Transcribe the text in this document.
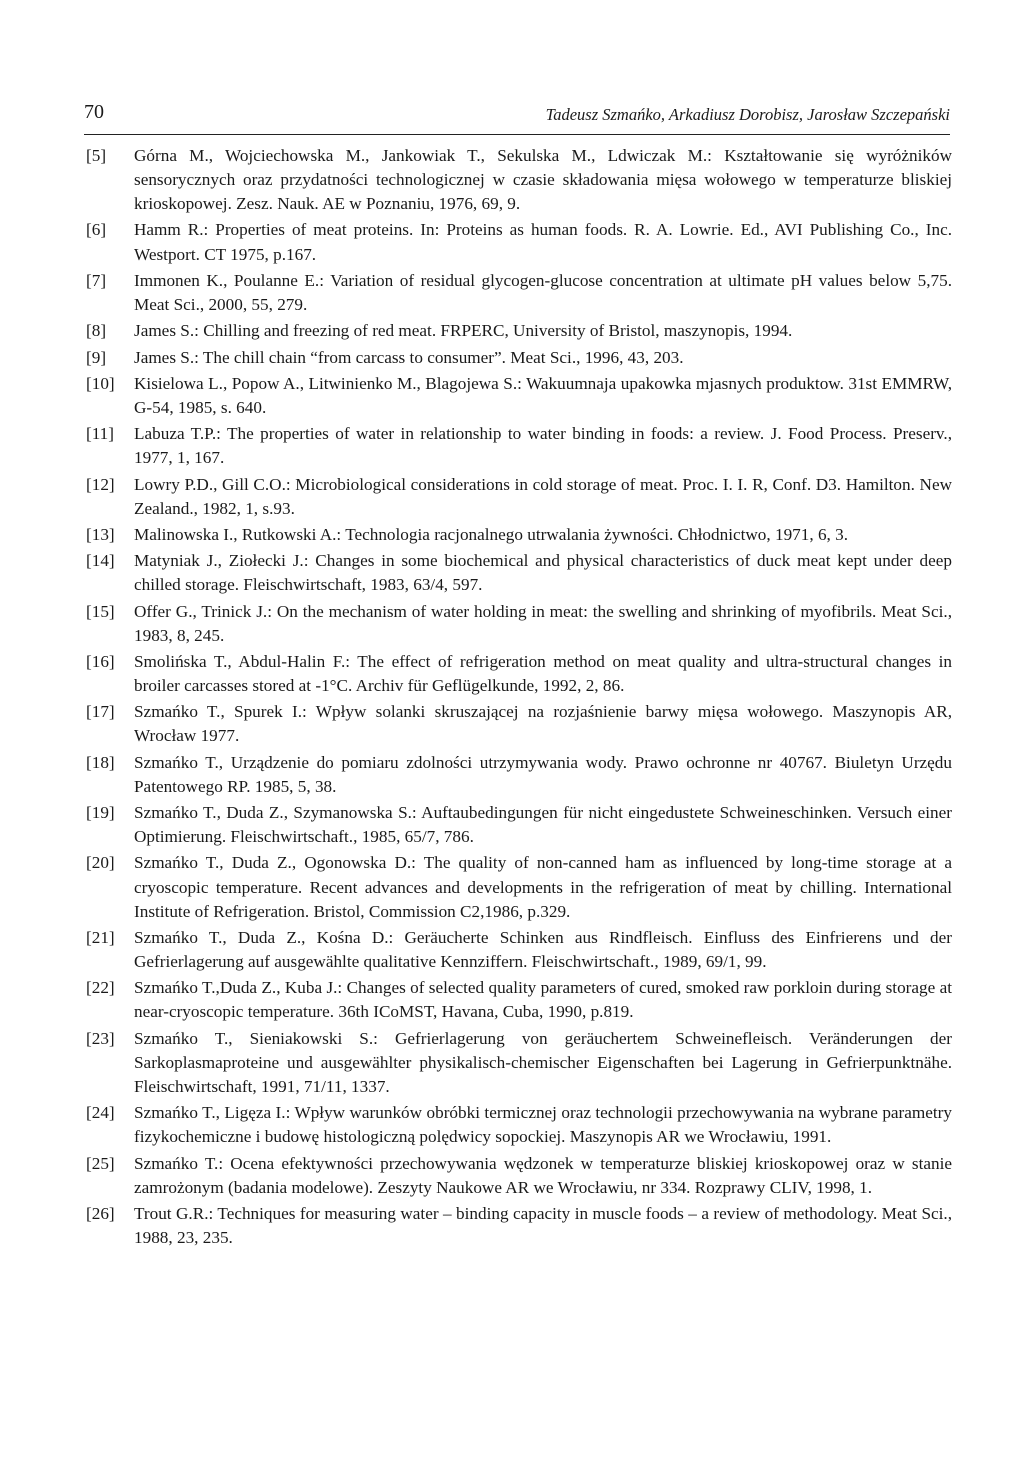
70	Tadeusz Szmańko, Arkadiusz Dorobisz, Jarosław Szczepański
[5] Górna M., Wojciechowska M., Jankowiak T., Sekulska M., Ldwiczak M.: Kształtowanie się wyróżników sensorycznych oraz przydatności technologicznej w czasie składowania mięsa wołowego w temperaturze bliskiej krioskopowej. Zesz. Nauk. AE w Poznaniu, 1976, 69, 9.
[6] Hamm R.: Properties of meat proteins. In: Proteins as human foods. R. A. Lowrie. Ed., AVI Publishing Co., Inc. Westport. CT 1975, p.167.
[7] Immonen K., Poulanne E.: Variation of residual glycogen-glucose concentration at ultimate pH values below 5,75. Meat Sci., 2000, 55, 279.
[8] James S.: Chilling and freezing of red meat. FRPERC, University of Bristol, maszynopis, 1994.
[9] James S.: The chill chain “from carcass to consumer”. Meat Sci., 1996, 43, 203.
[10] Kisielowa L., Popow A., Litwinienko M., Blagojewa S.: Wakuumnaja upakowka mjasnych produktow. 31st EMMRW, G-54, 1985, s. 640.
[11] Labuza T.P.: The properties of water in relationship to water binding in foods: a review. J. Food Process. Preserv., 1977, 1, 167.
[12] Lowry P.D., Gill C.O.: Microbiological considerations in cold storage of meat. Proc. I. I. R, Conf. D3. Hamilton. New Zealand., 1982, 1, s.93.
[13] Malinowska I., Rutkowski A.: Technologia racjonalnego utrwalania żywności. Chłodnictwo, 1971, 6, 3.
[14] Matyniak J., Ziołecki J.: Changes in some biochemical and physical characteristics of duck meat kept under deep chilled storage. Fleischwirtschaft, 1983, 63/4, 597.
[15] Offer G., Trinick J.: On the mechanism of water holding in meat: the swelling and shrinking of myofibrils. Meat Sci., 1983, 8, 245.
[16] Smolińska T., Abdul-Halin F.: The effect of refrigeration method on meat quality and ultra-structural changes in broiler carcasses stored at -1°C. Archiv für Geflügelkunde, 1992, 2, 86.
[17] Szmańko T., Spurek I.: Wpływ solanki skruszającej na rozjaśnienie barwy mięsa wołowego. Maszynopis AR, Wrocław 1977.
[18] Szmańko T., Urządzenie do pomiaru zdolności utrzymywania wody. Prawo ochronne nr 40767. Biuletyn Urzędu Patentowego RP. 1985, 5, 38.
[19] Szmańko T., Duda Z., Szymanowska S.: Auftaubedingungen für nicht eingedustete Schweineschinken. Versuch einer Optimierung. Fleischwirtschaft., 1985, 65/7, 786.
[20] Szmańko T., Duda Z., Ogonowska D.: The quality of non-canned ham as influenced by long-time storage at a cryoscopic temperature. Recent advances and developments in the refrigeration of meat by chilling. International Institute of Refrigeration. Bristol, Commission C2,1986, p.329.
[21] Szmańko T., Duda Z., Kośna D.: Geräucherte Schinken aus Rindfleisch. Einfluss des Einfrierens und der Gefrierlagerung auf ausgewählte qualitative Kennziffern. Fleischwirtschaft., 1989, 69/1, 99.
[22] Szmańko T.,Duda Z., Kuba J.: Changes of selected quality parameters of cured, smoked raw porkloin during storage at near-cryoscopic temperature. 36th ICoMST, Havana, Cuba, 1990, p.819.
[23] Szmańko T., Sieniakowski S.: Gefrierlagerung von geräuchertem Schweinefleisch. Veränderungen der Sarkoplasmaproteine und ausgewählter physikalisch-chemischer Eigenschaften bei Lagerung in Gefrierpunktnähe. Fleischwirtschaft, 1991, 71/11, 1337.
[24] Szmańko T., Ligęza I.: Wpływ warunków obróbki termicznej oraz technologii przechowywania na wybrane parametry fizykochemiczne i budowę histologiczną polędwicy sopockiej. Maszynopis AR we Wrocławiu, 1991.
[25] Szmańko T.: Ocena efektywności przechowywania wędzonek w temperaturze bliskiej krioskopowej oraz w stanie zamrożonym (badania modelowe). Zeszyty Naukowe AR we Wrocławiu, nr 334. Rozprawy CLIV, 1998, 1.
[26] Trout G.R.: Techniques for measuring water – binding capacity in muscle foods – a review of methodology. Meat Sci., 1988, 23, 235.
